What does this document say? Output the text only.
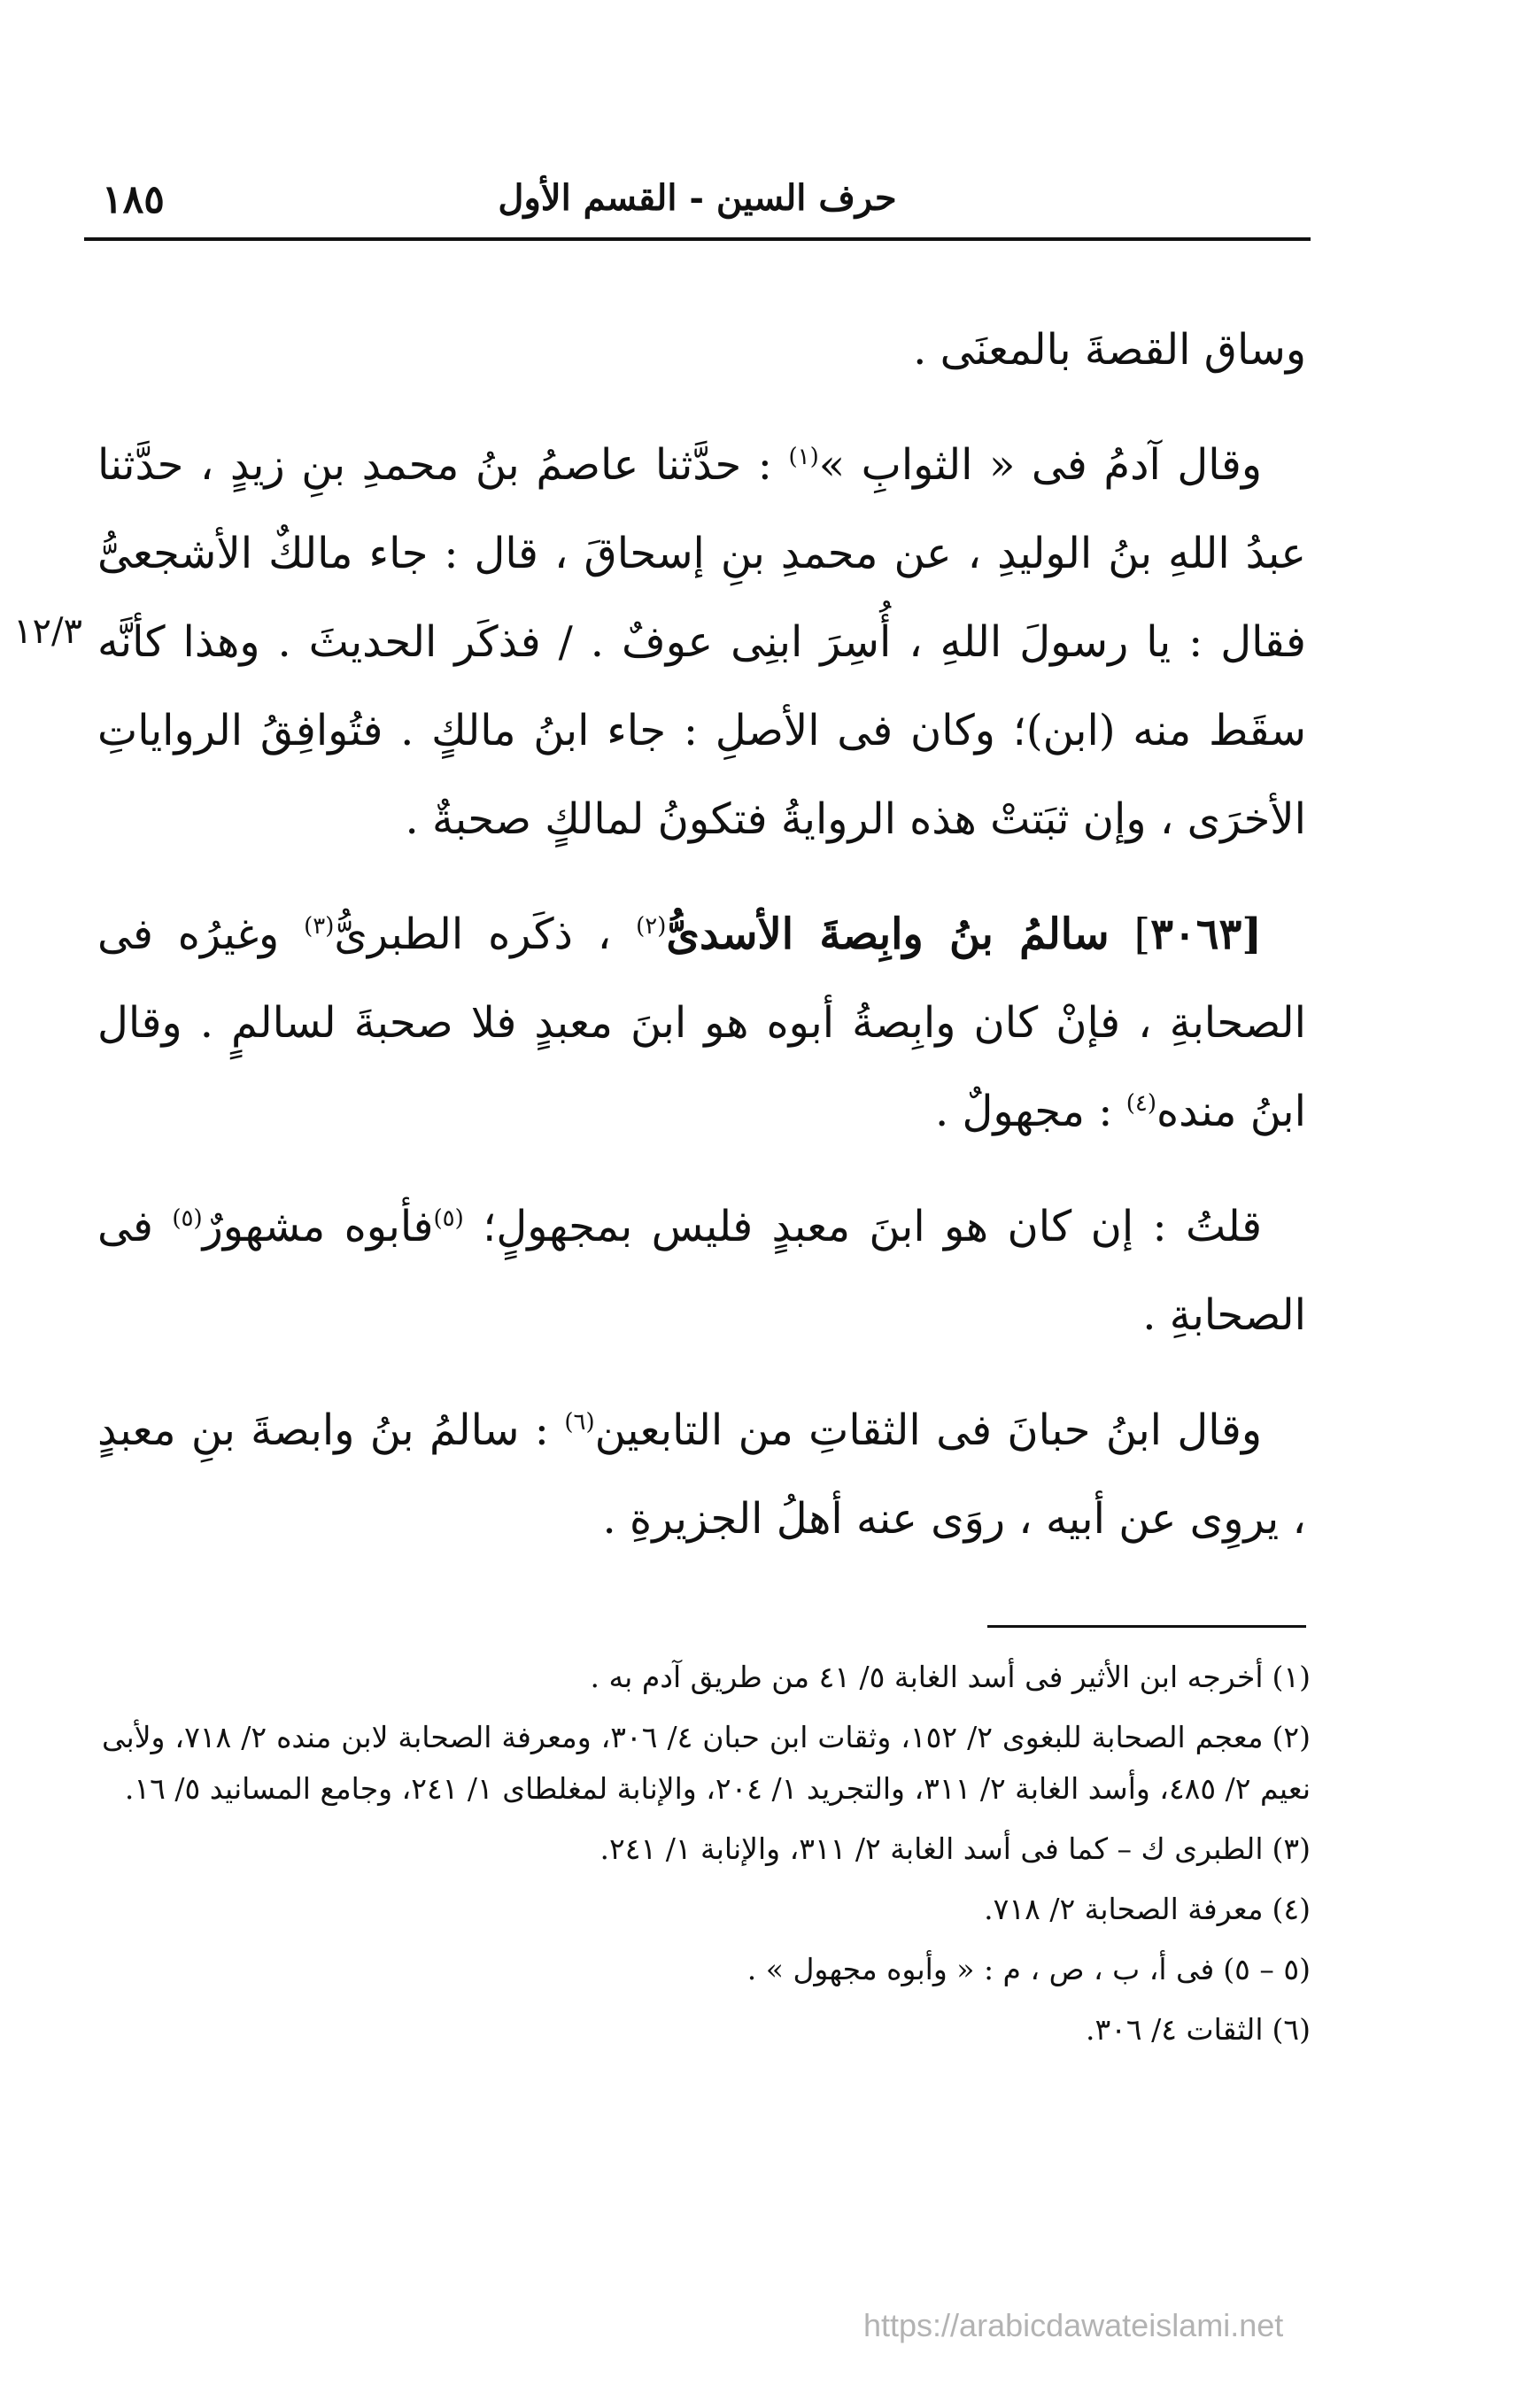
١٨٥	حرف السين - القسم الأول
١٢/٣

وساق القصةَ بالمعنَى .

وقال آدمُ فى « الثوابِ »$^{(١)}$ : حدَّثنا عاصمُ بنُ محمدِ بنِ زيدٍ ، حدَّثنا عبدُ اللهِ بنُ الوليدِ ، عن محمدِ بنِ إسحاقَ ، قال : جاء مالكٌ الأشجعىُّ فقال : يا رسولَ اللهِ ، أُسِرَ ابنِى عوفٌ . / فذكَر الحديثَ . وهذا كأنَّه سقَط منه (ابن)؛ وكان فى الأصلِ : جاء ابنُ مالكٍ . فتُوافِقُ الرواياتِ الأخرَى ، وإن ثبَتتْ هذه الروايةُ فتكونُ لمالكٍ صحبةٌ .

[٣٠٦٣] سالمُ بنُ وابِصةَ الأسدىُّ$^{(٢)}$ ، ذكَره الطبرىُّ$^{(٣)}$ وغيرُه فى الصحابةِ ، فإنْ كان وابِصةُ أبوه هو ابنَ معبدٍ فلا صحبةَ لسالمٍ . وقال ابنُ منده$^{(٤)}$ : مجهولٌ .

قلتُ : إن كان هو ابنَ معبدٍ فليس بمجهولٍ؛ $^{(٥)}$فأبوه مشهورٌ$^{(٥)}$ فى الصحابةِ .

وقال ابنُ حبانَ فى الثقاتِ من التابعين$^{(٦)}$ : سالمُ بنُ وابصةَ بنِ معبدٍ ، يروِى عن أبيه ، روَى عنه أهلُ الجزيرةِ .

(١)أخرجه ابن الأثير فى أسد الغابة ٥/ ٤١ من طريق آدم به .
(٢)معجم الصحابة للبغوى ٢/ ١٥٢، وثقات ابن حبان ٤/ ٣٠٦، ومعرفة الصحابة لابن منده ٢/ ٧١٨، ولأبى نعيم ٢/ ٤٨٥، وأسد الغابة ٢/ ٣١١، والتجريد ١/ ٢٠٤، والإنابة لمغلطاى ١/ ٢٤١، وجامع المسانيد ٥/ ١٦.
(٣)الطبرى ك – كما فى أسد الغابة ٢/ ٣١١، والإنابة ١/ ٢٤١.
(٤)معرفة الصحابة ٢/ ٧١٨.
(٥ – ٥)فى أ، ب ، ص ، م : « وأبوه مجهول » .
(٦)الثقات ٤/ ٣٠٦.
https://arabicdawateislami.net
